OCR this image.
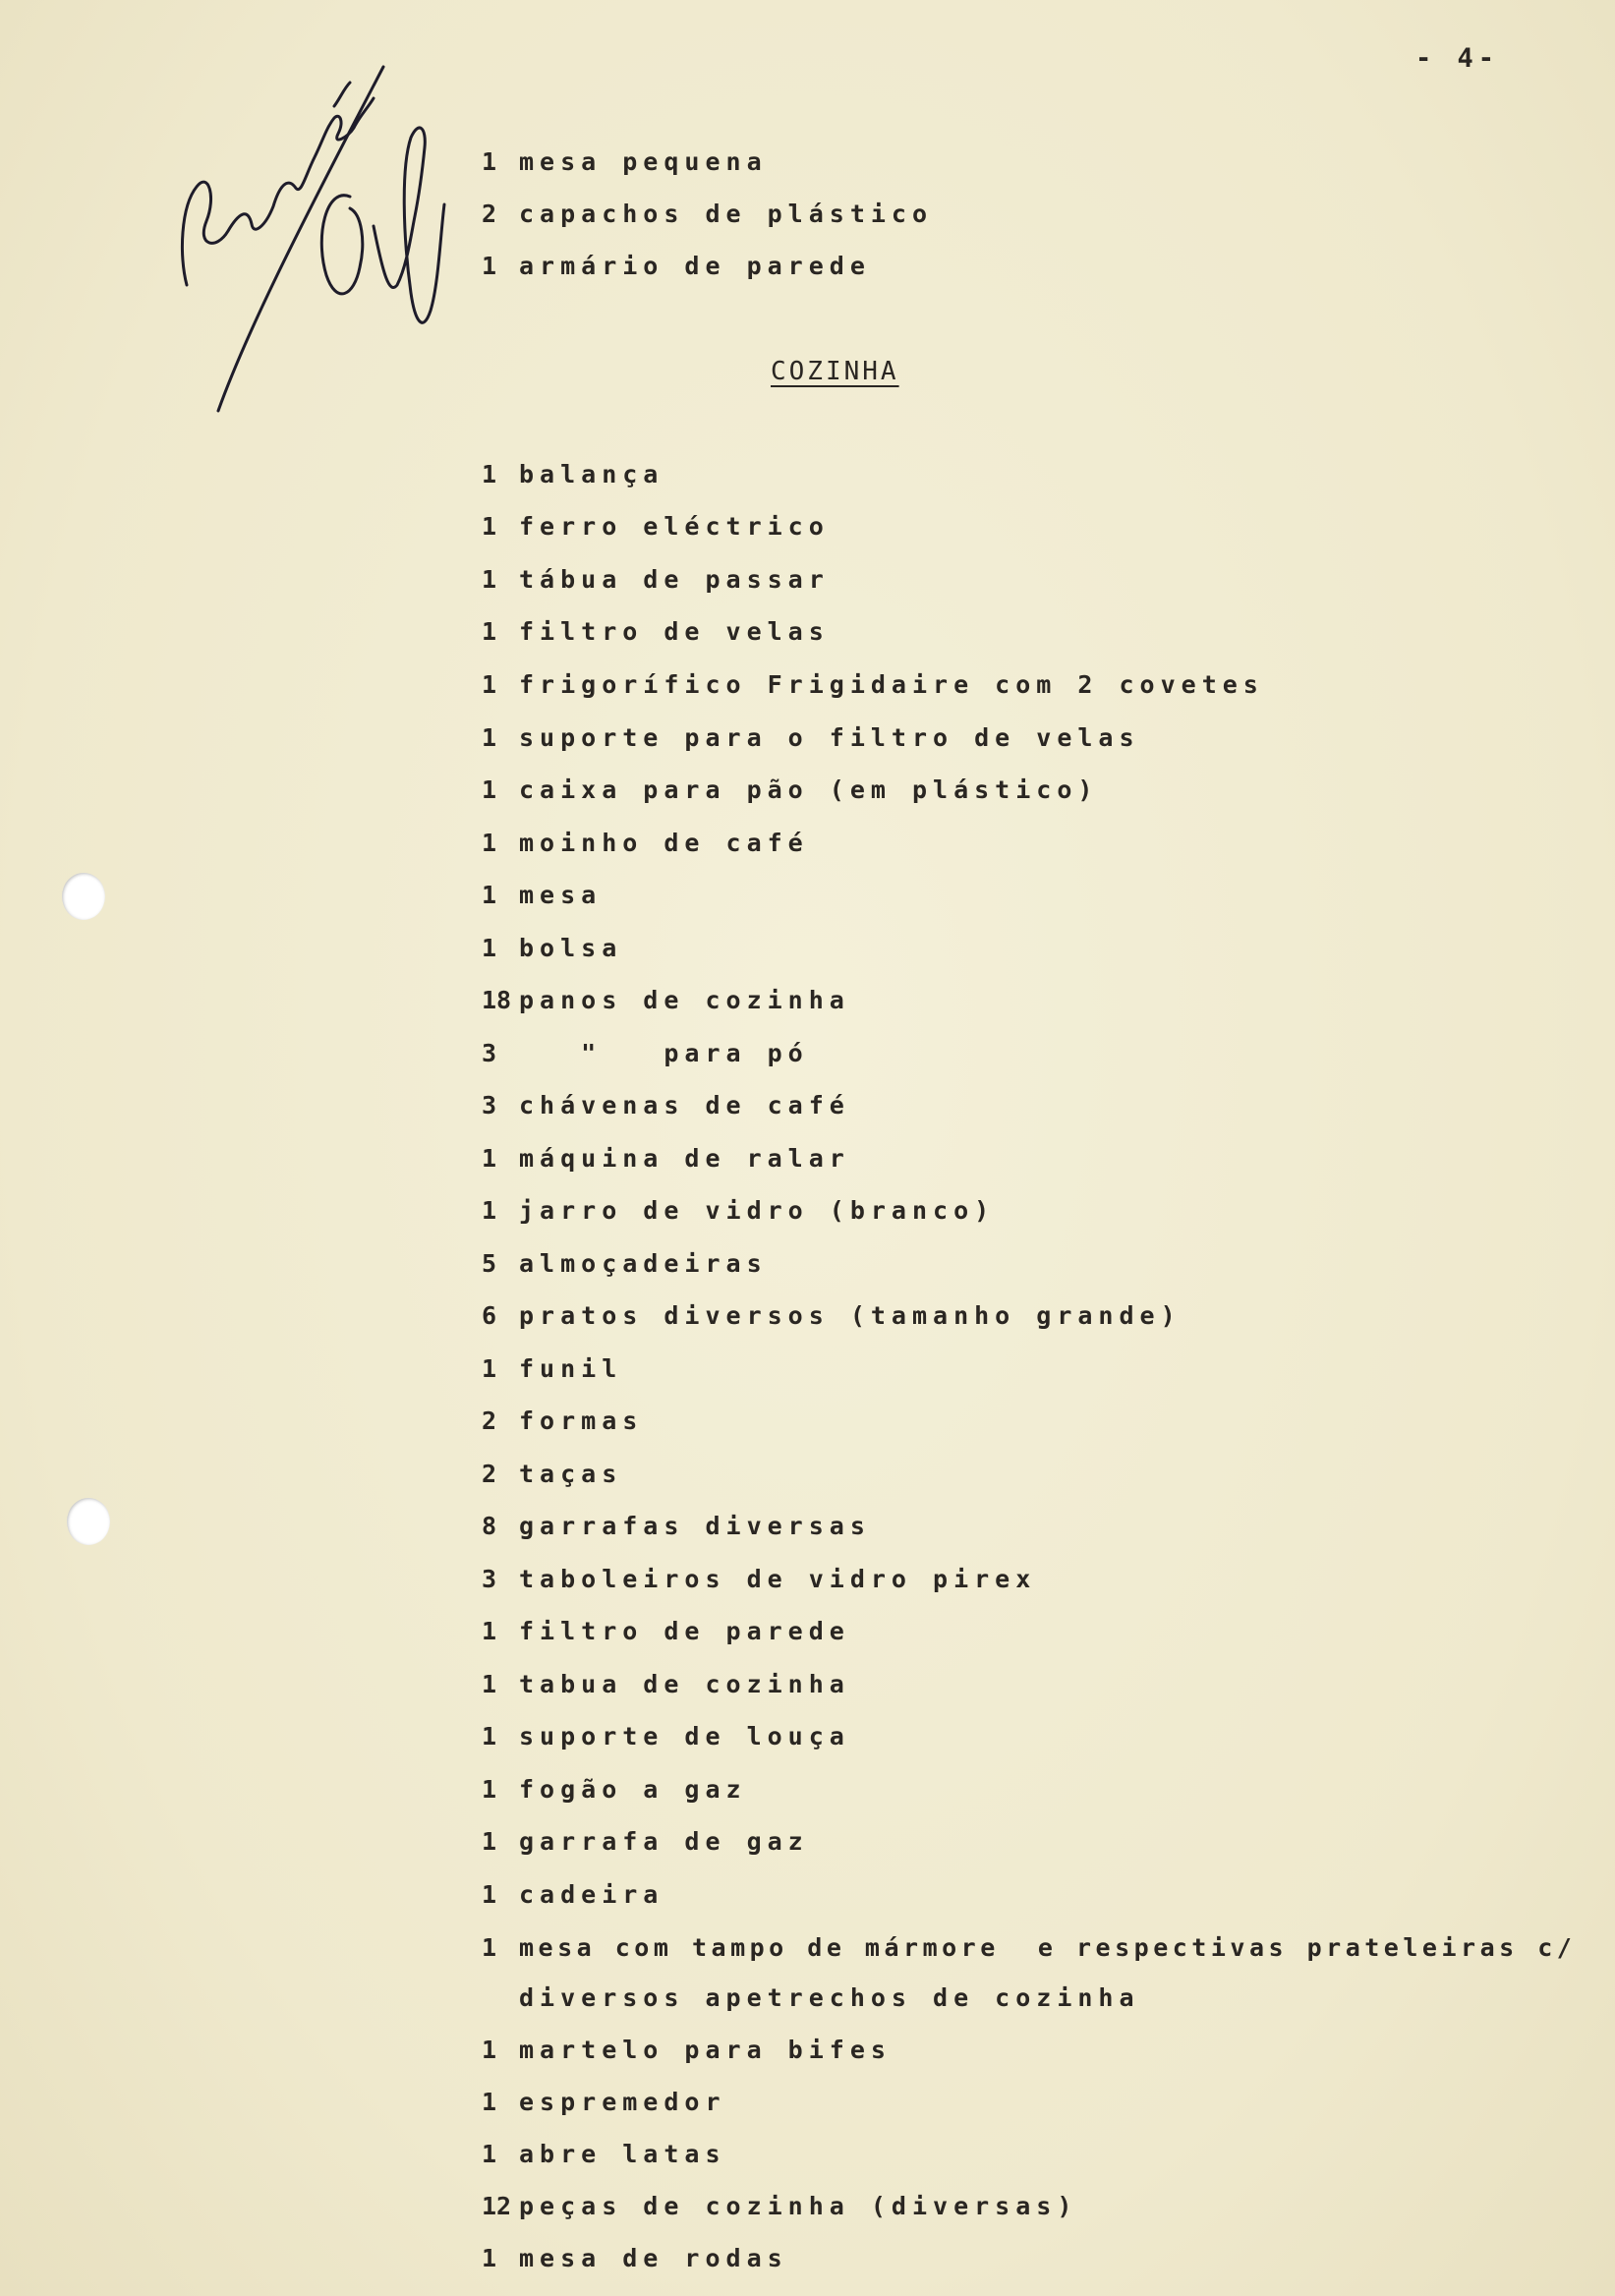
- 4-
1 mesa pequena
2 capachos de plástico
1 armário de parede
COZINHA
1 balança
1 ferro eléctrico
1 tábua de passar
1 filtro de velas
1 frigorífico Frigidaire com 2 covetes
1 suporte para o filtro de velas
1 caixa para pão (em plástico)
1 moinho de café
1 mesa
1 bolsa
18 panos de cozinha
3   "   para pó
3 chávenas de café
1 máquina de ralar
1 jarro de vidro (branco)
5 almoçadeiras
6 pratos diversos (tamanho grande)
1 funil
2 formas
2 taças
8 garrafas diversas
3 taboleiros de vidro pirex
1 filtro de parede
1 tabua de cozinha
1 suporte de louça
1 fogão a gaz
1 garrafa de gaz
1 cadeira
1 mesa com tampo de mármore  e respectivas prateleiras c/
diversos apetrechos de cozinha
1 martelo para bifes
1 espremedor
1 abre latas
12 peças de cozinha (diversas)
1 mesa de rodas
